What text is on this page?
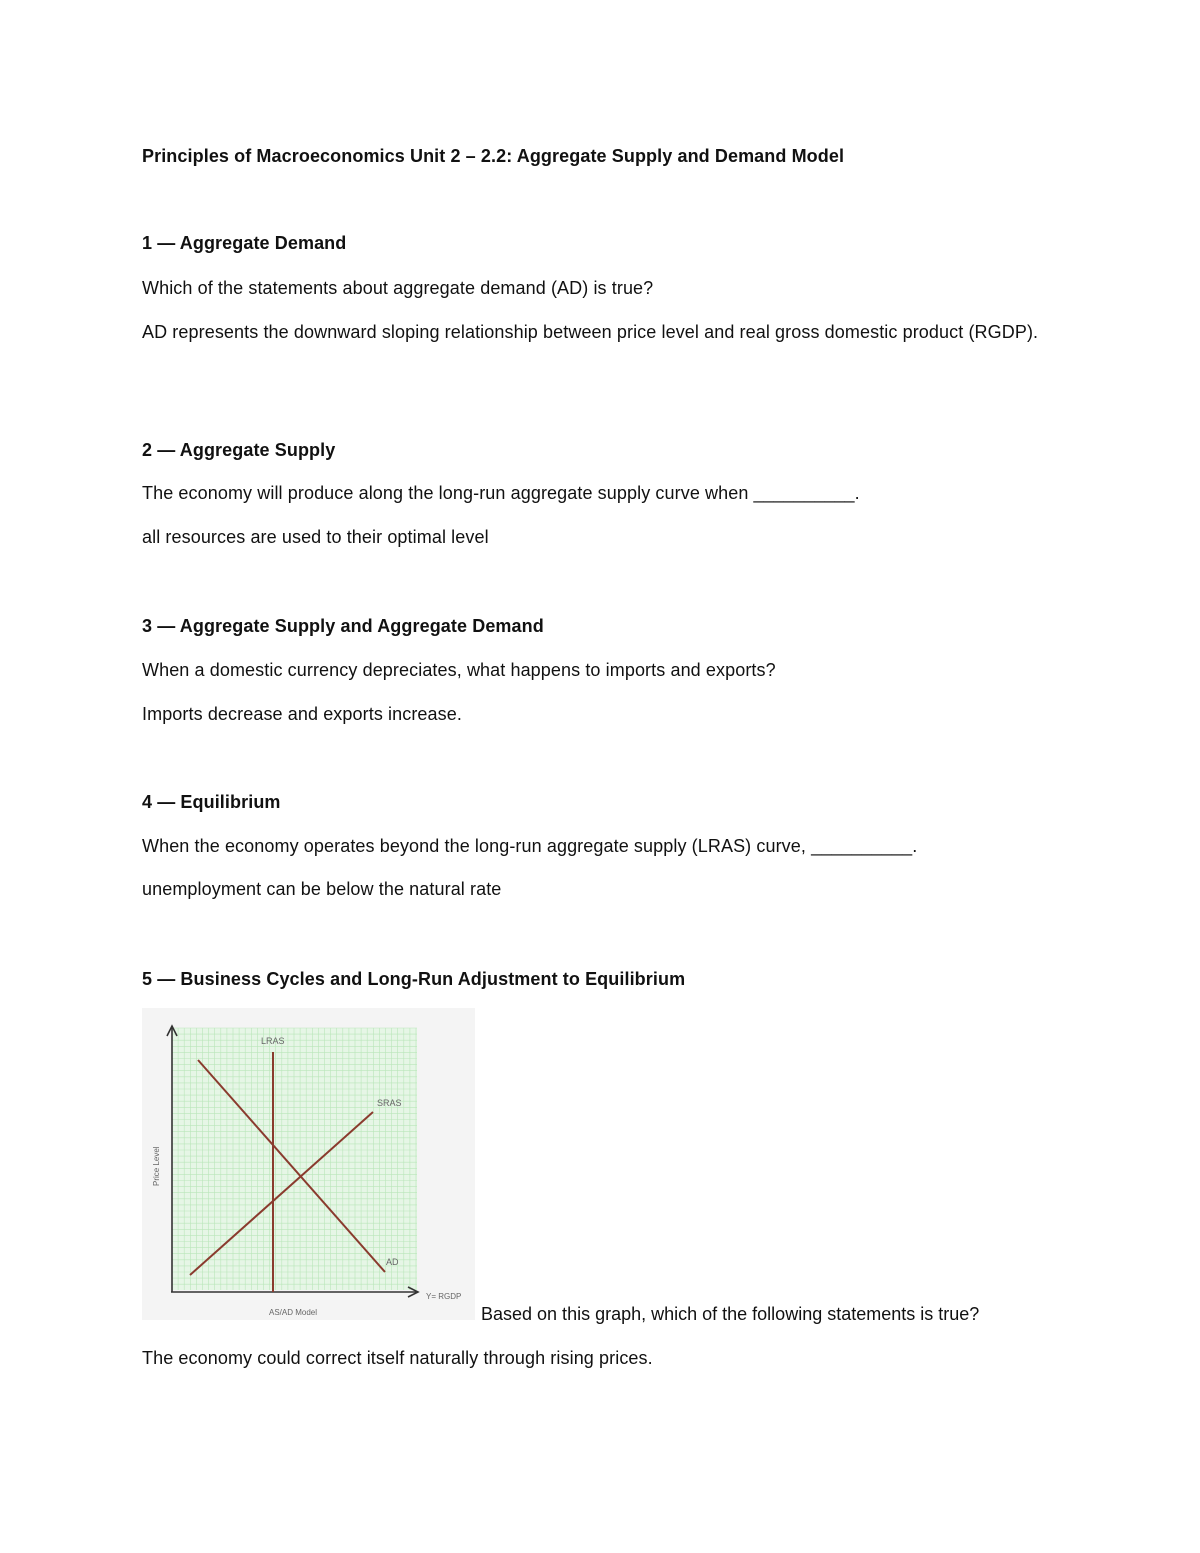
Principles of Macroeconomics Unit 2 – 2.2: Aggregate Supply and Demand Model
1 — Aggregate Demand
Which of the statements about aggregate demand (AD) is true?
AD represents the downward sloping relationship between price level and real gross domestic product (RGDP).
2 — Aggregate Supply
The economy will produce along the long-run aggregate supply curve when __________.
all resources are used to their optimal level
3 — Aggregate Supply and Aggregate Demand
When a domestic currency depreciates, what happens to imports and exports?
Imports decrease and exports increase.
4 — Equilibrium
When the economy operates beyond the long-run aggregate supply (LRAS) curve, __________.
unemployment can be below the natural rate
5 — Business Cycles and Long-Run Adjustment to Equilibrium
LRAS
SRAS
AD
Price Level
Y= RGDP
AS/AD Model	Based on this graph, which of the following statements is true?
The economy could correct itself naturally through rising prices.
